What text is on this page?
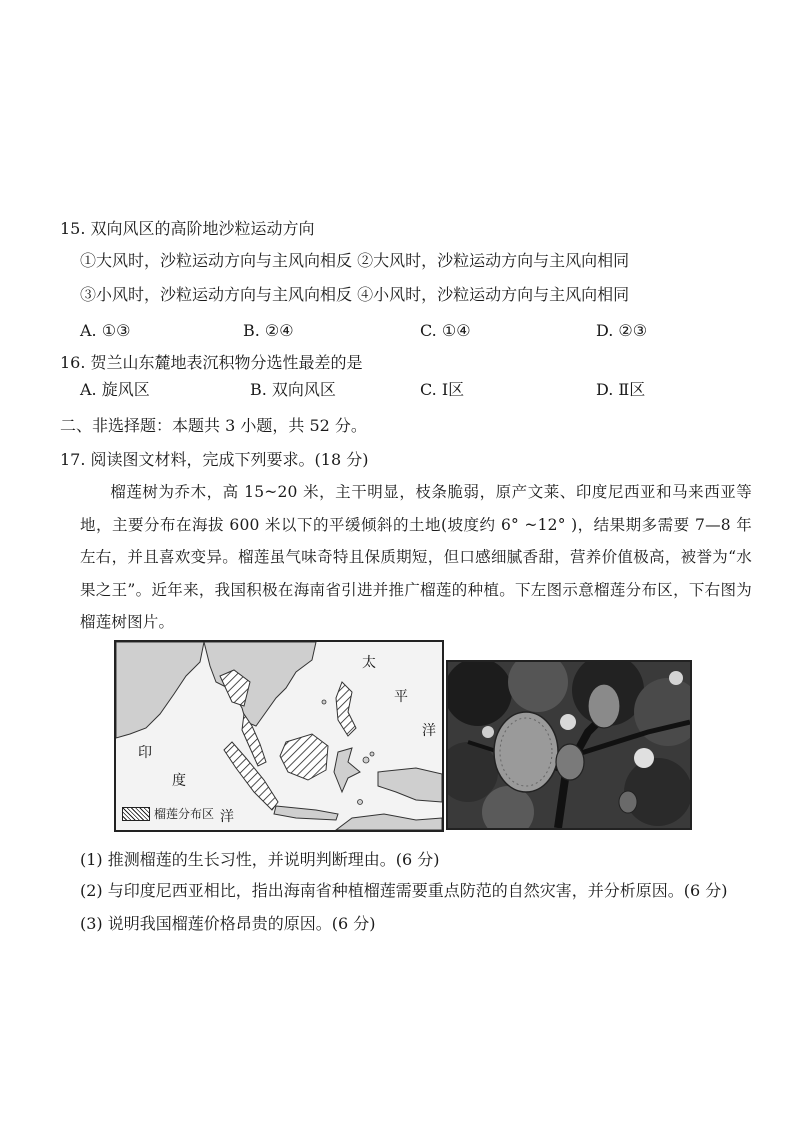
15. 双向风区的高阶地沙粒运动方向
①大风时，沙粒运动方向与主风向相反 ②大风时，沙粒运动方向与主风向相同
③小风时，沙粒运动方向与主风向相反 ④小风时，沙粒运动方向与主风向相同
A. ①③	B. ②④	C. ①④	D. ②③
16. 贺兰山东麓地表沉积物分选性最差的是
A. 旋风区	B. 双向风区	C. Ⅰ区	D. Ⅱ区
二、非选择题：本题共 3 小题，共 52 分。
17. 阅读图文材料，完成下列要求。(18 分)
榴莲树为乔木，高 15~20 米，主干明显，枝条脆弱，原产文莱、印度尼西亚和马来西亚等地，主要分布在海拔 600 米以下的平缓倾斜的土地(坡度约 6° ~12° )，结果期多需要 7—8 年左右，并且喜欢变异。榴莲虽气味奇特且保质期短，但口感细腻香甜，营养价值极高，被誉为“水果之王”。近年来，我国积极在海南省引进并推广榴莲的种植。下左图示意榴莲分布区，下右图为榴莲树图片。
太
平
洋
印
度
洋
榴莲分布区
(1) 推测榴莲的生长习性，并说明判断理由。(6 分)
(2) 与印度尼西亚相比，指出海南省种植榴莲需要重点防范的自然灾害，并分析原因。(6 分)
(3) 说明我国榴莲价格昂贵的原因。(6 分)
